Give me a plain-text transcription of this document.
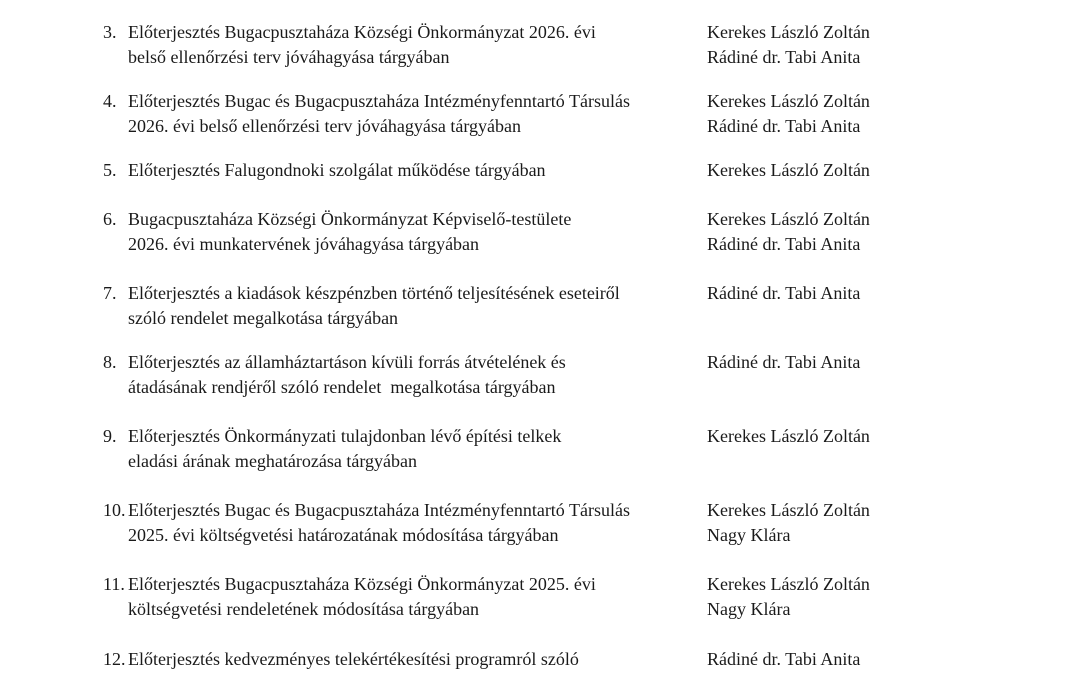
3. Előterjesztés Bugacpusztaháza Községi Önkormányzat 2026. évi
belső ellenőrzési terv jóváhagyása tárgyában
Kerekes László Zoltán
Rádiné dr. Tabi Anita
4. Előterjesztés Bugac és Bugacpusztaháza Intézményfenntartó Társulás
2026. évi belső ellenőrzési terv jóváhagyása tárgyában
Kerekes László Zoltán
Rádiné dr. Tabi Anita
5. Előterjesztés Falugondnoki szolgálat működése tárgyában	Kerekes László Zoltán
6. Bugacpusztaháza Községi Önkormányzat Képviselő-testülete
2026. évi munkatervének jóváhagyása tárgyában
Kerekes László Zoltán
Rádiné dr. Tabi Anita
7. Előterjesztés a kiadások készpénzben történő teljesítésének eseteiről
szóló rendelet megalkotása tárgyában
Rádiné dr. Tabi Anita
8. Előterjesztés az államháztartáson kívüli forrás átvételének és
átadásának rendjéről szóló rendelet  megalkotása tárgyában
Rádiné dr. Tabi Anita
9. Előterjesztés Önkormányzati tulajdonban lévő építési telkek
eladási árának meghatározása tárgyában
Kerekes László Zoltán
10. Előterjesztés Bugac és Bugacpusztaháza Intézményfenntartó Társulás
2025. évi költségvetési határozatának módosítása tárgyában
Kerekes László Zoltán
Nagy Klára
11. Előterjesztés Bugacpusztaháza Községi Önkormányzat 2025. évi
költségvetési rendeletének módosítása tárgyában
Kerekes László Zoltán
Nagy Klára
12. Előterjesztés kedvezményes telekértékesítési programról szóló	Rádiné dr. Tabi Anita
